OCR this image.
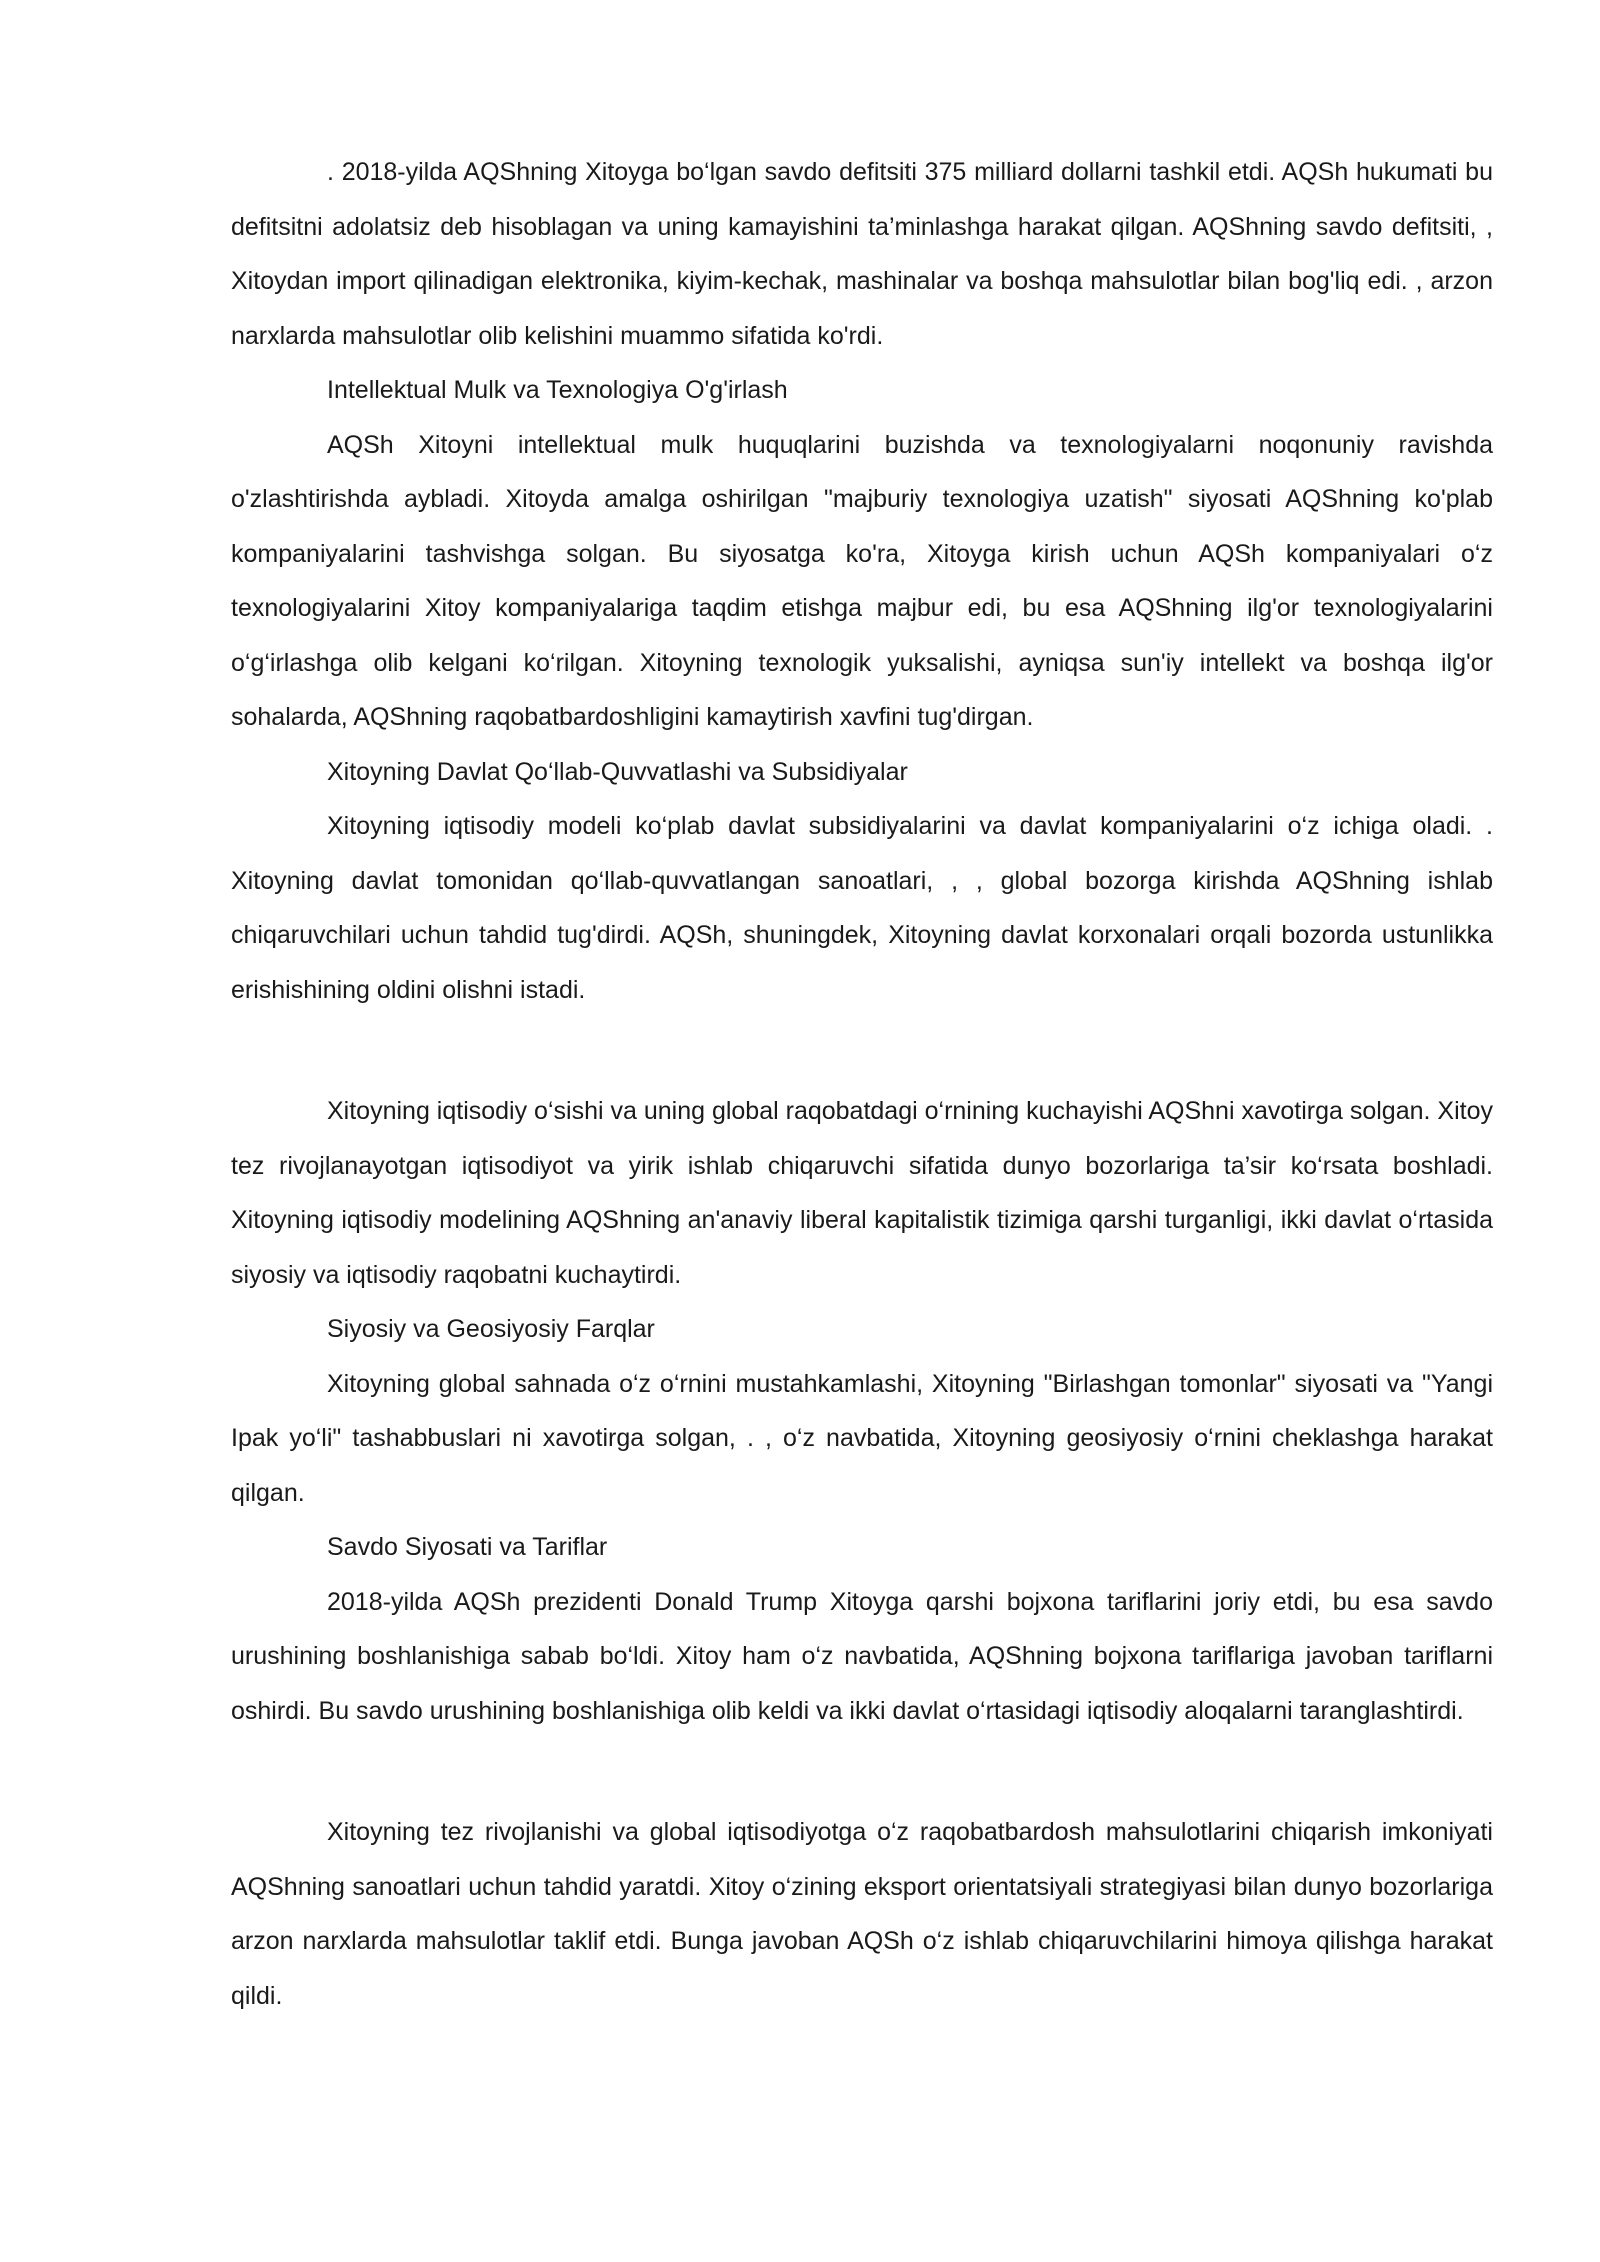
. 2018-yilda AQShning Xitoyga bo‘lgan savdo defitsiti 375 milliard dollarni tashkil etdi. AQSh hukumati bu defitsitni adolatsiz deb hisoblagan va uning kamayishini ta’minlashga harakat qilgan. AQShning savdo defitsiti, , Xitoydan import qilinadigan elektronika, kiyim-kechak, mashinalar va boshqa mahsulotlar bilan bog'liq edi. , arzon narxlarda mahsulotlar olib kelishini muammo sifatida ko'rdi.

Intellektual Mulk va Texnologiya O'g'irlash

AQSh Xitoyni intellektual mulk huquqlarini buzishda va texnologiyalarni noqonuniy ravishda o'zlashtirishda aybladi. Xitoyda amalga oshirilgan "majburiy texnologiya uzatish" siyosati AQShning ko'plab kompaniyalarini tashvishga solgan. Bu siyosatga ko'ra, Xitoyga kirish uchun AQSh kompaniyalari o‘z texnologiyalarini Xitoy kompaniyalariga taqdim etishga majbur edi, bu esa AQShning ilg'or texnologiyalarini o‘g‘irlashga olib kelgani ko‘rilgan. Xitoyning texnologik yuksalishi, ayniqsa sun'iy intellekt va boshqa ilg'or sohalarda, AQShning raqobatbardoshligini kamaytirish xavfini tug'dirgan.

Xitoyning Davlat Qo‘llab-Quvvatlashi va Subsidiyalar

Xitoyning iqtisodiy modeli ko‘plab davlat subsidiyalarini va davlat kompaniyalarini o‘z ichiga oladi. . Xitoyning davlat tomonidan qo‘llab-quvvatlangan sanoatlari, , , global bozorga kirishda AQShning ishlab chiqaruvchilari uchun tahdid tug'dirdi. AQSh, shuningdek, Xitoyning davlat korxonalari orqali bozorda ustunlikka erishishining oldini olishni istadi.

Xitoyning iqtisodiy o‘sishi va uning global raqobatdagi o‘rnining kuchayishi AQShni xavotirga solgan. Xitoy tez rivojlanayotgan iqtisodiyot va yirik ishlab chiqaruvchi sifatida dunyo bozorlariga ta’sir ko‘rsata boshladi. Xitoyning iqtisodiy modelining AQShning an'anaviy liberal kapitalistik tizimiga qarshi turganligi, ikki davlat o‘rtasida siyosiy va iqtisodiy raqobatni kuchaytirdi.

Siyosiy va Geosiyosiy Farqlar

Xitoyning global sahnada o‘z o‘rnini mustahkamlashi, Xitoyning "Birlashgan tomonlar" siyosati va "Yangi Ipak yo‘li" tashabbuslari ni xavotirga solgan, . , o‘z navbatida, Xitoyning geosiyosiy o‘rnini cheklashga harakat qilgan.

Savdo Siyosati va Tariflar

2018-yilda AQSh prezidenti Donald Trump Xitoyga qarshi bojxona tariflarini joriy etdi, bu esa savdo urushining boshlanishiga sabab bo‘ldi. Xitoy ham o‘z navbatida, AQShning bojxona tariflariga javoban tariflarni oshirdi. Bu savdo urushining boshlanishiga olib keldi va ikki davlat o‘rtasidagi iqtisodiy aloqalarni taranglashtirdi.

Xitoyning tez rivojlanishi va global iqtisodiyotga o‘z raqobatbardosh mahsulotlarini chiqarish imkoniyati AQShning sanoatlari uchun tahdid yaratdi. Xitoy o‘zining eksport orientatsiyali strategiyasi bilan dunyo bozorlariga arzon narxlarda mahsulotlar taklif etdi. Bunga javoban AQSh o‘z ishlab chiqaruvchilarini himoya qilishga harakat qildi.
